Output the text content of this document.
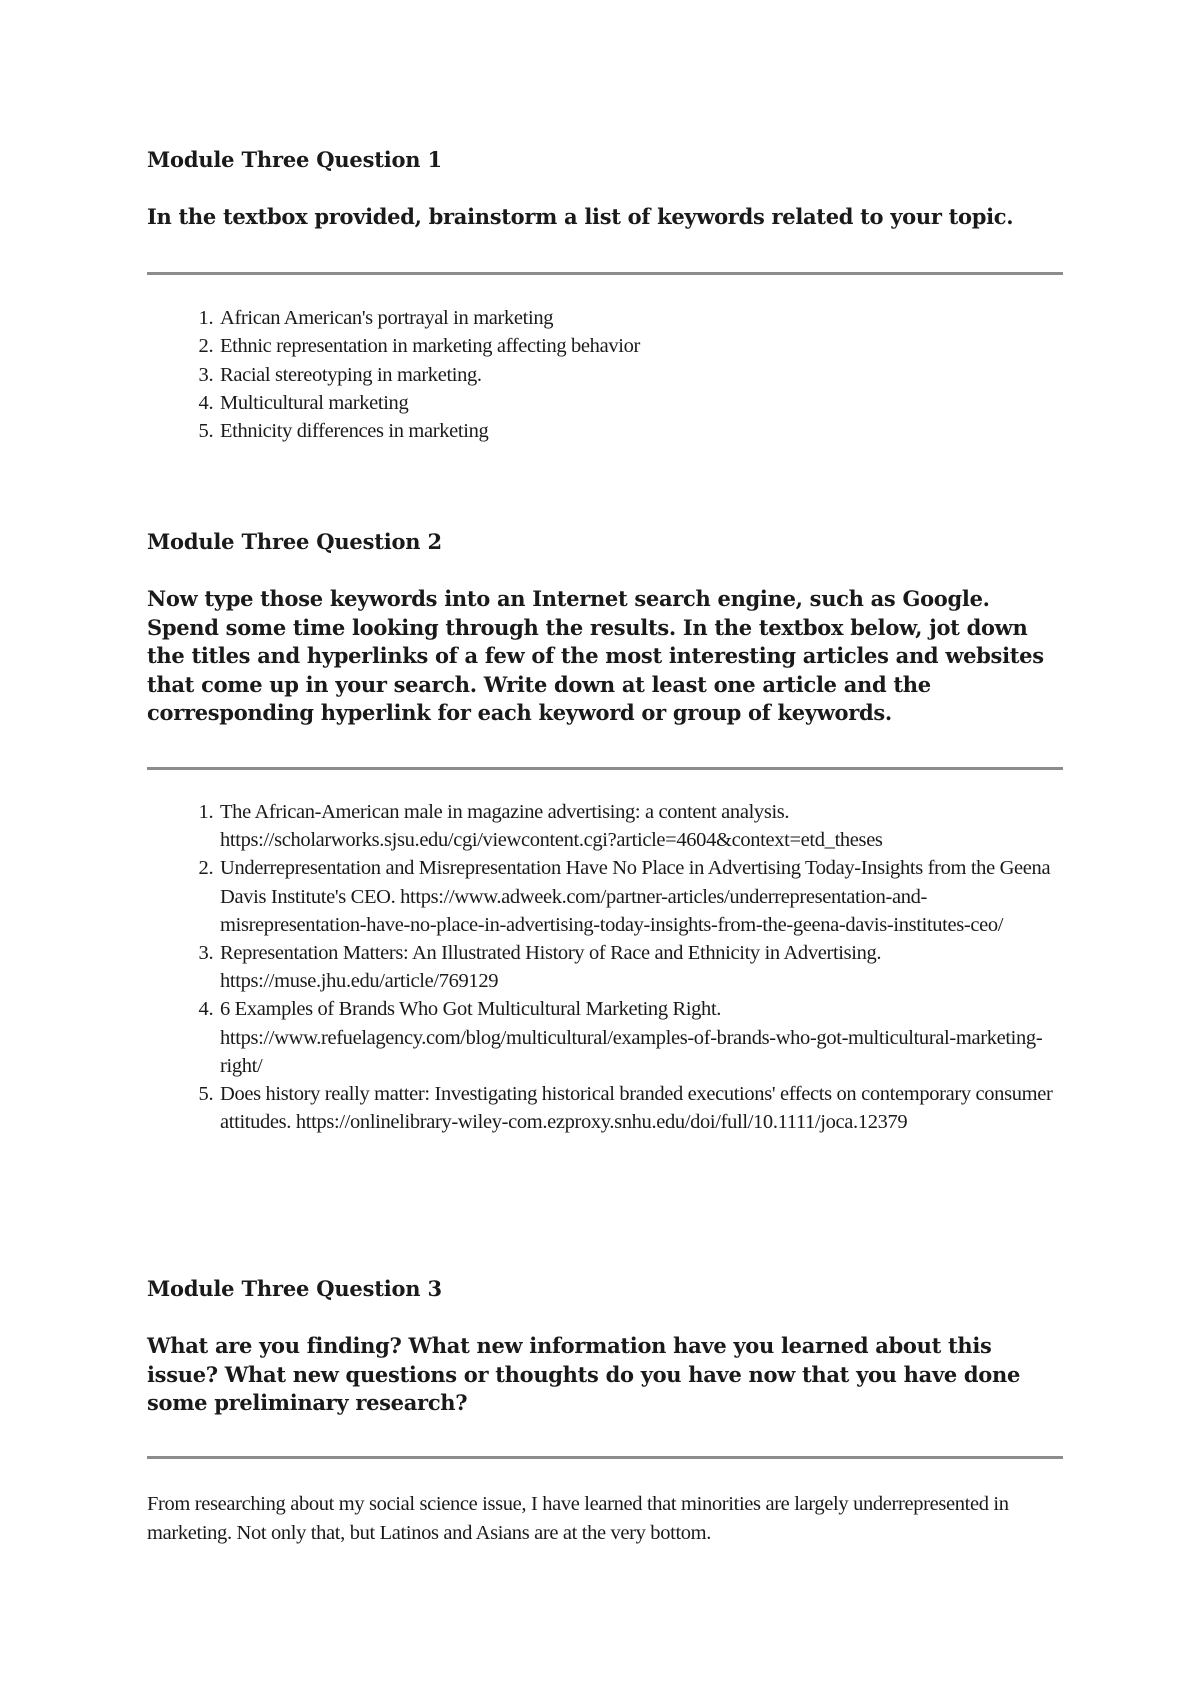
Module Three Question 1

In the textbox provided, brainstorm a list of keywords related to your topic.

1. African American's portrayal in marketing
2. Ethnic representation in marketing affecting behavior
3. Racial stereotyping in marketing.
4. Multicultural marketing
5. Ethnicity differences in marketing

Module Three Question 2

Now type those keywords into an Internet search engine, such as Google. Spend some time looking through the results. In the textbox below, jot down the titles and hyperlinks of a few of the most interesting articles and websites that come up in your search. Write down at least one article and the corresponding hyperlink for each keyword or group of keywords.

1. The African-American male in magazine advertising: a content analysis. https://scholarworks.sjsu.edu/cgi/viewcontent.cgi?article=4604&context=etd_theses
2. Underrepresentation and Misrepresentation Have No Place in Advertising Today-Insights from the Geena Davis Institute's CEO. https://www.adweek.com/partner-articles/underrepresentation-and-misrepresentation-have-no-place-in-advertising-today-insights-from-the-geena-davis-institutes-ceo/
3. Representation Matters: An Illustrated History of Race and Ethnicity in Advertising. https://muse.jhu.edu/article/769129
4. 6 Examples of Brands Who Got Multicultural Marketing Right. https://www.refuelagency.com/blog/multicultural/examples-of-brands-who-got-multicultural-marketing-right/
5. Does history really matter: Investigating historical branded executions' effects on contemporary consumer attitudes. https://onlinelibrary-wiley-com.ezproxy.snhu.edu/doi/full/10.1111/joca.12379

Module Three Question 3

What are you finding? What new information have you learned about this issue? What new questions or thoughts do you have now that you have done some preliminary research?

From researching about my social science issue, I have learned that minorities are largely underrepresented in marketing. Not only that, but Latinos and Asians are at the very bottom.
